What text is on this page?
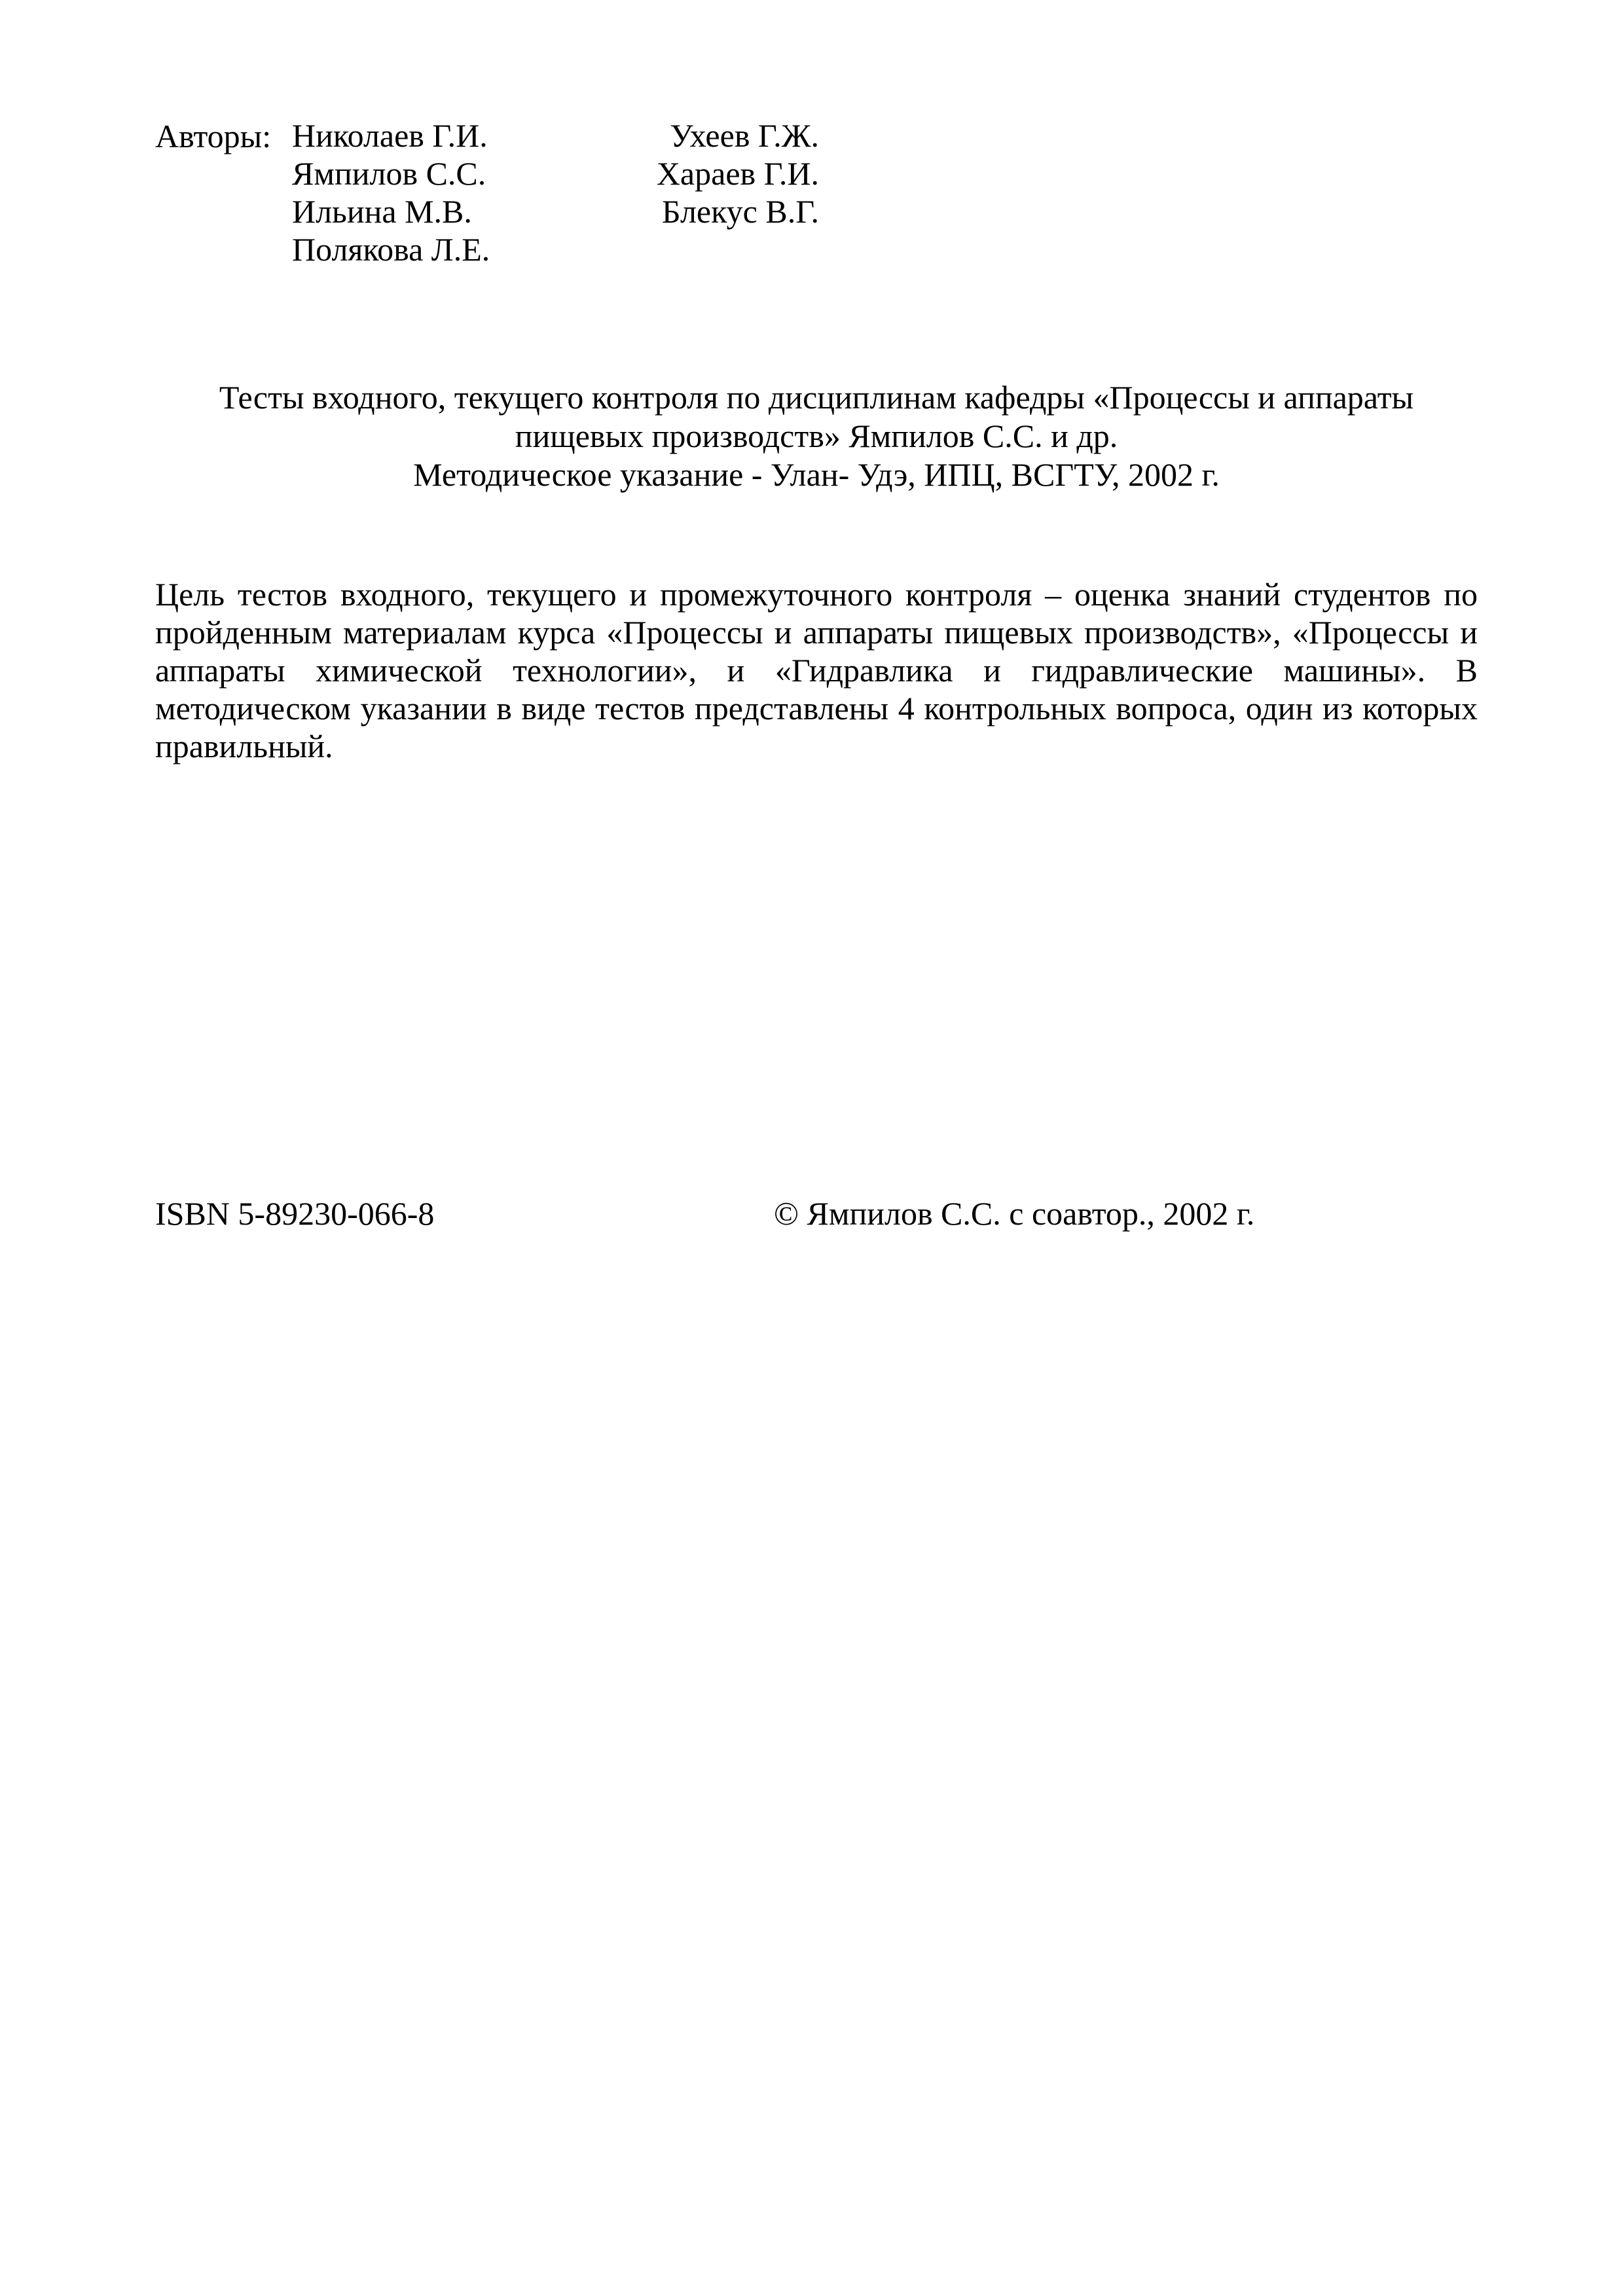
Авторы: Николаев Г.И.
Ямпилов С.С.
Ильина М.В.
Полякова Л.Е.
Ухеев Г.Ж.
Хараев Г.И.
Блекус В.Г.
Тесты входного, текущего контроля по дисциплинам кафедры «Процессы и аппараты
пищевых производств» Ямпилов С.С. и др.
Методическое указание - Улан- Удэ, ИПЦ, ВСГТУ, 2002 г.
Цель тестов входного, текущего и промежуточного контроля – оценка знаний студентов по
пройденным материалам курса «Процессы и аппараты пищевых производств», «Процессы и
аппараты химической технологии», и «Гидравлика и гидравлические машины». В
методическом указании в виде тестов представлены 4 контрольных вопроса, один из которых
правильный.
ISBN 5-89230-066-8	© Ямпилов С.С. с соавтор., 2002 г.
